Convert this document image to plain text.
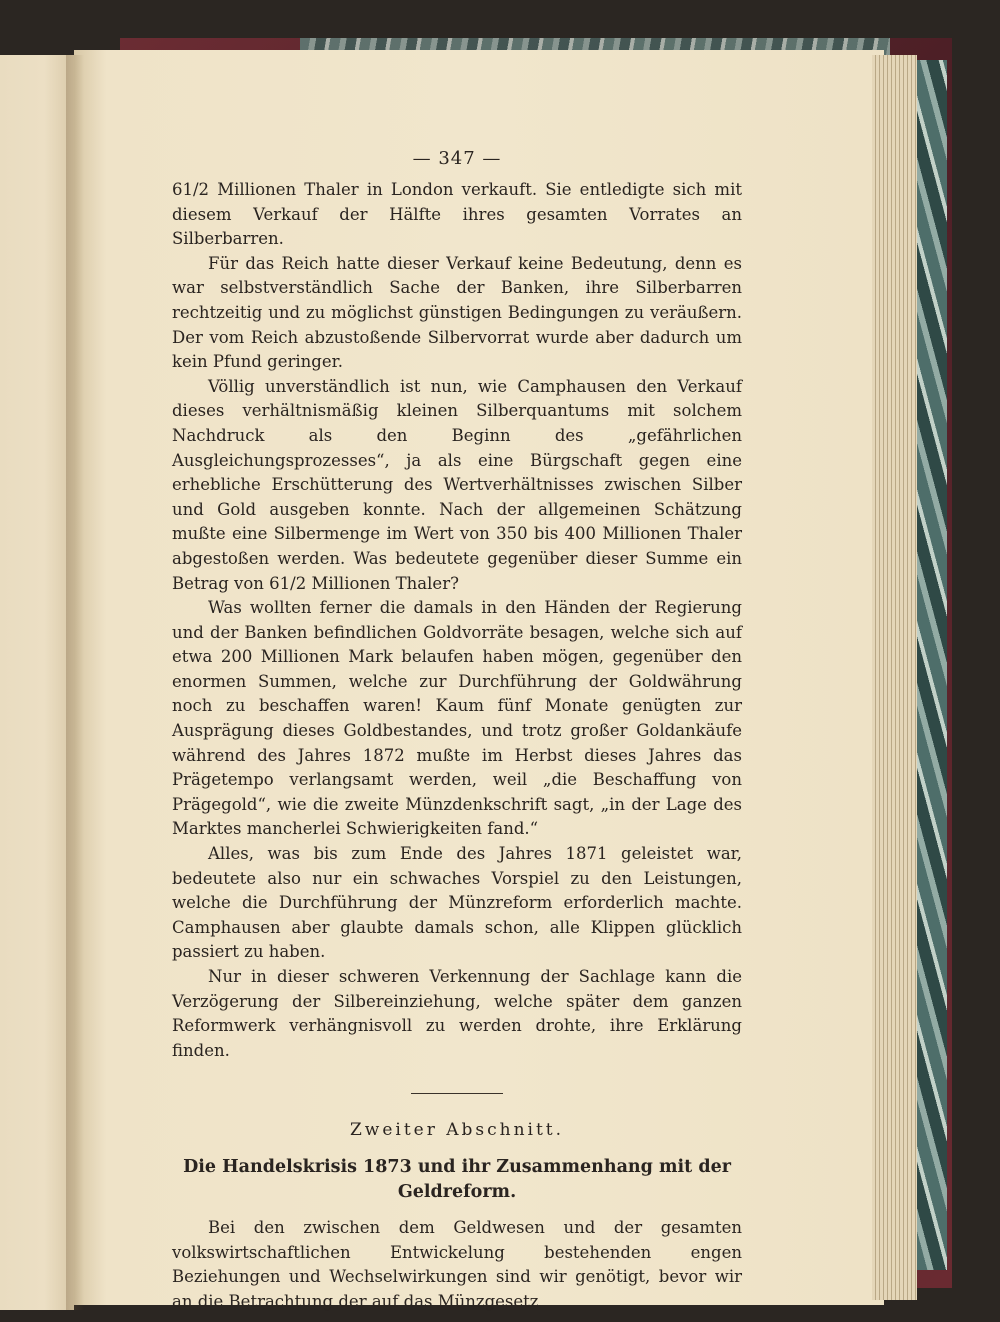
— 347 —

61/2 Millionen Thaler in London verkauft. Sie entledigte sich mit diesem Verkauf der Hälfte ihres gesamten Vorrates an Silberbarren.

Für das Reich hatte dieser Verkauf keine Bedeutung, denn es war selbstverständlich Sache der Banken, ihre Silberbarren rechtzeitig und zu möglichst günstigen Bedingungen zu veräußern. Der vom Reich abzustoßende Silbervorrat wurde aber dadurch um kein Pfund geringer.

Völlig unverständlich ist nun, wie Camphausen den Verkauf dieses verhältnismäßig kleinen Silberquantums mit solchem Nachdruck als den Beginn des „gefährlichen Ausgleichungsprozesses“, ja als eine Bürgschaft gegen eine erhebliche Erschütterung des Wertverhältnisses zwischen Silber und Gold ausgeben konnte. Nach der allgemeinen Schätzung mußte eine Silbermenge im Wert von 350 bis 400 Millionen Thaler abgestoßen werden. Was bedeutete gegenüber dieser Summe ein Betrag von 61/2 Millionen Thaler?

Was wollten ferner die damals in den Händen der Regierung und der Banken befindlichen Goldvorräte besagen, welche sich auf etwa 200 Millionen Mark belaufen haben mögen, gegenüber den enormen Summen, welche zur Durchführung der Goldwährung noch zu beschaffen waren! Kaum fünf Monate genügten zur Ausprägung dieses Goldbestandes, und trotz großer Goldankäufe während des Jahres 1872 mußte im Herbst dieses Jahres das Prägetempo verlangsamt werden, weil „die Beschaffung von Prägegold“, wie die zweite Münzdenkschrift sagt, „in der Lage des Marktes mancherlei Schwierigkeiten fand.“

Alles, was bis zum Ende des Jahres 1871 geleistet war, bedeutete also nur ein schwaches Vorspiel zu den Leistungen, welche die Durchführung der Münzreform erforderlich machte. Camphausen aber glaubte damals schon, alle Klippen glücklich passiert zu haben.

Nur in dieser schweren Verkennung der Sachlage kann die Verzögerung der Silbereinziehung, welche später dem ganzen Reformwerk verhängnisvoll zu werden drohte, ihre Erklärung finden.

Zweiter Abschnitt.

Die Handelskrisis 1873 und ihr Zusammenhang mit der Geldreform.

Bei den zwischen dem Geldwesen und der gesamten volkswirtschaftlichen Entwickelung bestehenden engen Beziehungen und Wechselwirkungen sind wir genötigt, bevor wir an die Betrachtung der auf das Münzgesetz
